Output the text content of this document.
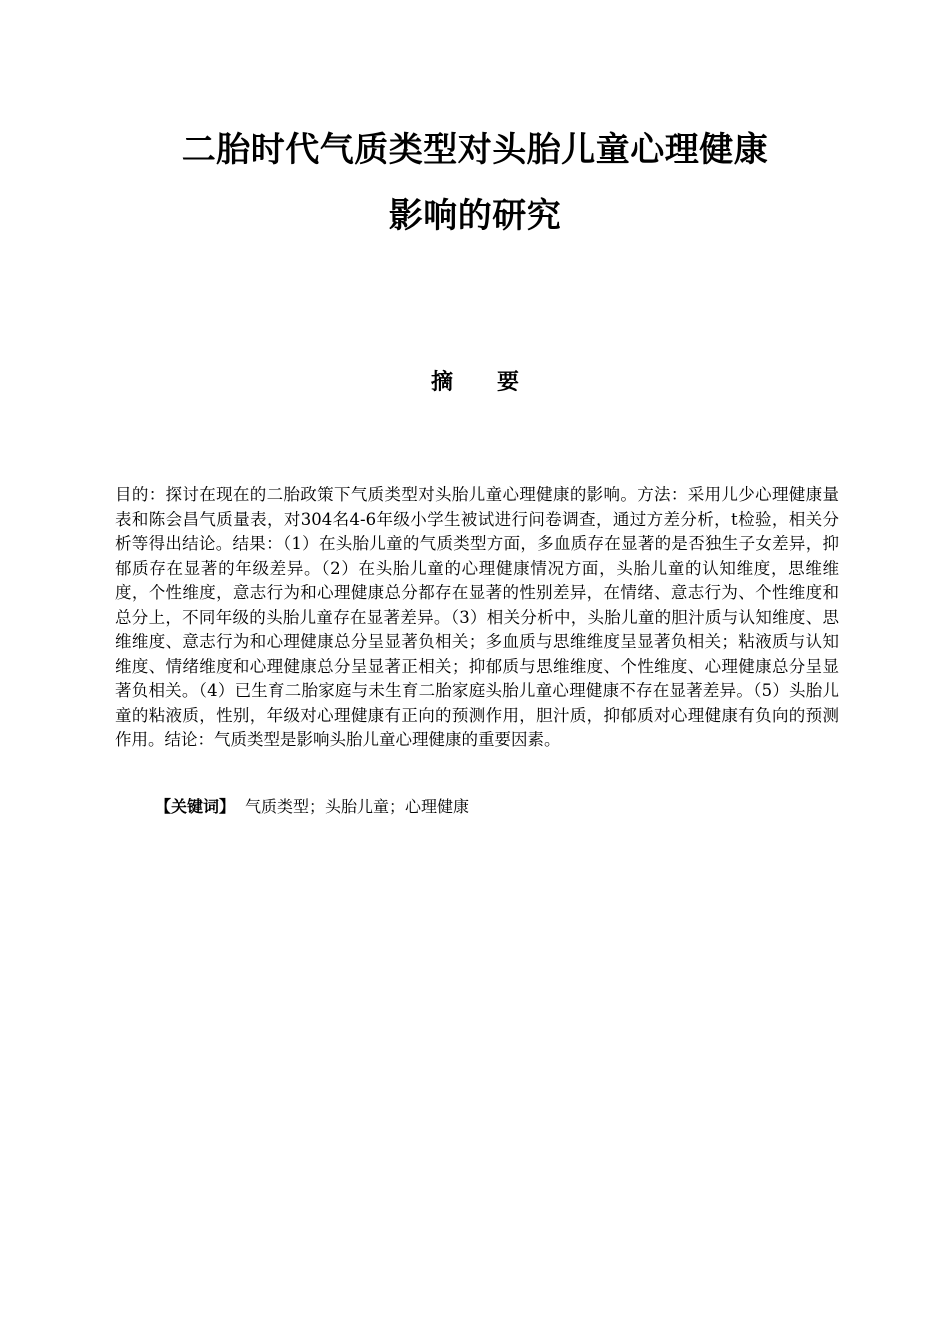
二胎时代气质类型对头胎儿童心理健康
影响的研究
摘要

目的：探讨在现在的二胎政策下气质类型对头胎儿童心理健康的影响。方法：采用儿少心理健康量表和陈会昌气质量表，对304名4-6年级小学生被试进行问卷调查，通过方差分析，t检验，相关分析等得出结论。结果：（1）在头胎儿童的气质类型方面，多血质存在显著的是否独生子女差异，抑郁质存在显著的年级差异。（2）在头胎儿童的心理健康情况方面，头胎儿童的认知维度，思维维度，个性维度，意志行为和心理健康总分都存在显著的性别差异，在情绪、意志行为、个性维度和总分上，不同年级的头胎儿童存在显著差异。（3）相关分析中，头胎儿童的胆汁质与认知维度、思维维度、意志行为和心理健康总分呈显著负相关；多血质与思维维度呈显著负相关；粘液质与认知维度、情绪维度和心理健康总分呈显著正相关；抑郁质与思维维度、个性维度、心理健康总分呈显著负相关。（4）已生育二胎家庭与未生育二胎家庭头胎儿童心理健康不存在显著差异。（5）头胎儿童的粘液质，性别，年级对心理健康有正向的预测作用，胆汁质，抑郁质对心理健康有负向的预测作用。结论：气质类型是影响头胎儿童心理健康的重要因素。

【关键词】 气质类型；头胎儿童；心理健康
